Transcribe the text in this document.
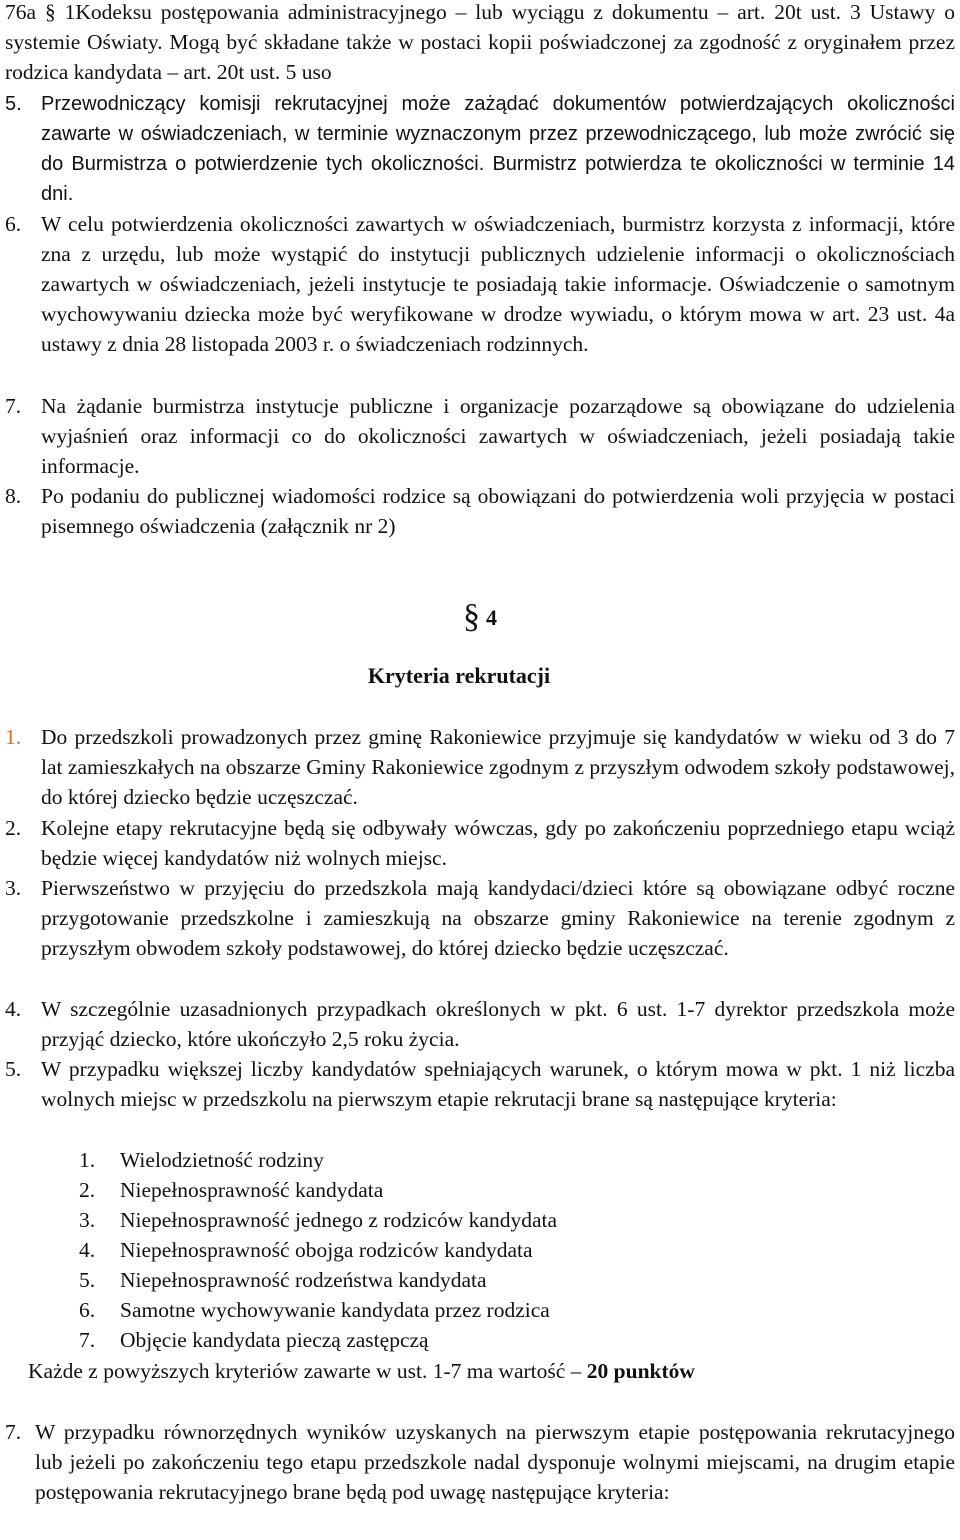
76a § 1Kodeksu postępowania administracyjnego – lub wyciągu z dokumentu – art. 20t ust. 3 Ustawy o systemie Oświaty. Mogą być składane także w postaci kopii poświadczonej za zgodność z oryginałem przez rodzica kandydata – art. 20t ust. 5 uso
5. Przewodniczący komisji rekrutacyjnej może zażądać dokumentów potwierdzających okoliczności zawarte w oświadczeniach, w terminie wyznaczonym przez przewodniczącego, lub może zwrócić się do Burmistrza o potwierdzenie tych okoliczności. Burmistrz potwierdza te okoliczności w terminie 14 dni.
6. W celu potwierdzenia okoliczności zawartych w oświadczeniach, burmistrz korzysta z informacji, które zna z urzędu, lub może wystąpić do instytucji publicznych udzielenie informacji o okolicznościach zawartych w oświadczeniach, jeżeli instytucje te posiadają takie informacje. Oświadczenie o samotnym wychowywaniu dziecka może być weryfikowane w drodze wywiadu, o którym mowa w art. 23 ust. 4a ustawy z dnia 28 listopada 2003 r. o świadczeniach rodzinnych.
7. Na żądanie burmistrza instytucje publiczne i organizacje pozarządowe są obowiązane do udzielenia wyjaśnień oraz informacji co do okoliczności zawartych w oświadczeniach, jeżeli posiadają takie informacje.
8. Po podaniu do publicznej wiadomości rodzice są obowiązani do potwierdzenia woli przyjęcia w postaci pisemnego oświadczenia (załącznik nr 2)
§ 4
Kryteria rekrutacji
1. Do przedszkoli prowadzonych przez gminę Rakoniewice przyjmuje się kandydatów w wieku od 3 do 7 lat zamieszkałych na obszarze Gminy Rakoniewice zgodnym z przyszłym odwodem szkoły podstawowej, do której dziecko będzie uczęszczać.
2. Kolejne etapy rekrutacyjne będą się odbywały wówczas, gdy po zakończeniu poprzedniego etapu wciąż będzie więcej kandydatów niż wolnych miejsc.
3. Pierwszeństwo w przyjęciu do przedszkola mają kandydaci/dzieci które są obowiązane odbyć roczne przygotowanie przedszkolne i zamieszkują na obszarze gminy Rakoniewice na terenie zgodnym z przyszłym obwodem szkoły podstawowej, do której dziecko będzie uczęszczać.
4. W szczególnie uzasadnionych przypadkach określonych w pkt. 6 ust. 1-7 dyrektor przedszkola może przyjąć dziecko, które ukończyło 2,5 roku życia.
5. W przypadku większej liczby kandydatów spełniających warunek, o którym mowa w pkt. 1 niż liczba wolnych miejsc w przedszkolu na pierwszym etapie rekrutacji brane są następujące kryteria:
1. Wielodzietność rodziny
2. Niepełnosprawność kandydata
3. Niepełnosprawność jednego z rodziców kandydata
4. Niepełnosprawność obojga rodziców kandydata
5. Niepełnosprawność rodzeństwa kandydata
6. Samotne wychowywanie kandydata przez rodzica
7. Objęcie kandydata pieczą zastępczą
Każde z powyższych kryteriów zawarte w ust. 1-7 ma wartość – 20 punktów
7. W przypadku równorzędnych wyników uzyskanych na pierwszym etapie postępowania rekrutacyjnego lub jeżeli po zakończeniu tego etapu przedszkole nadal dysponuje wolnymi miejscami, na drugim etapie postępowania rekrutacyjnego brane będą pod uwagę następujące kryteria:
